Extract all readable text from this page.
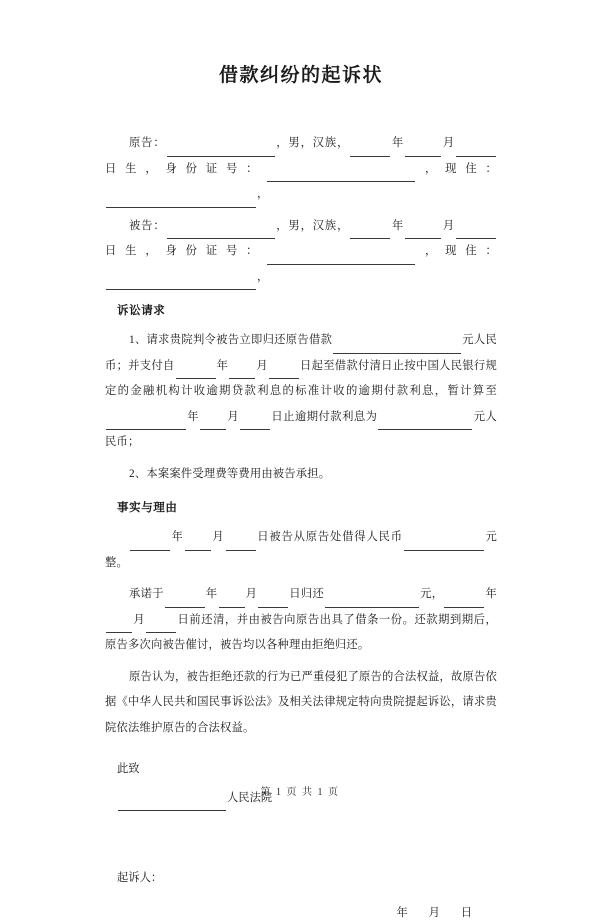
借款纠纷的起诉状

原告：	，男，汉族，	年	月日生，身份证号：	，现住：，

被告：	，男，汉族，	年	月日生，身份证号：	，现住：，

诉讼请求

1、请求贵院判令被告立即归还原告借款	元人民币；并支付自	年 月	日起至借款付清日止按中国人民银行规定的金融机构计收逾期贷款利息的标准计收的逾期付款利息，暂计算至年 月	日止逾期付款利息为	元人民币；

2、本案案件受理费等费用由被告承担。

事实与理由

年 月	日被告从原告处借得人民币	元整。

承诺于	年 月	日归还	元，	年月	日前还清，并由被告向原告出具了借条一份。还款期到期后，原告多次向被告催讨，被告均以各种理由拒绝归还。

原告认为，被告拒绝还款的行为已严重侵犯了原告的合法权益，故原告依据《中华人民共和国民事诉讼法》及相关法律规定特向贵院提起诉讼，请求贵院依法维护原告的合法权益。

此致
人民法院
起诉人：
年 月 日
第 1 页 共 1 页
